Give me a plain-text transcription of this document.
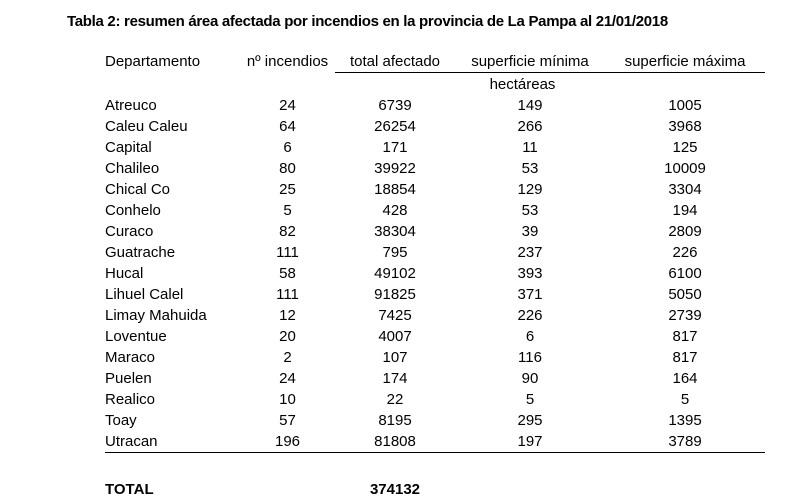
Tabla 2: resumen área afectada por incendios en la provincia de La Pampa al 21/01/2018
Departamento	nº incendios	total afectado	superficie mínima	superficie máxima
		hectáreas		
Atreuco	24	6739	149	1005
Caleu Caleu	64	26254	266	3968
Capital	6	171	11	125
Chalileo	80	39922	53	10009
Chical Co	25	18854	129	3304
Conhelo	5	428	53	194
Curaco	82	38304	39	2809
Guatrache	111	795	237	226
Hucal	58	49102	393	6100
Lihuel Calel	111	91825	371	5050
Limay Mahuida	12	7425	226	2739
Loventue	20	4007	6	817
Maraco	2	107	116	817
Puelen	24	174	90	164
Realico	10	22	5	5
Toay	57	8195	295	1395
Utracan	196	81808	197	3789

TOTAL		374132		
